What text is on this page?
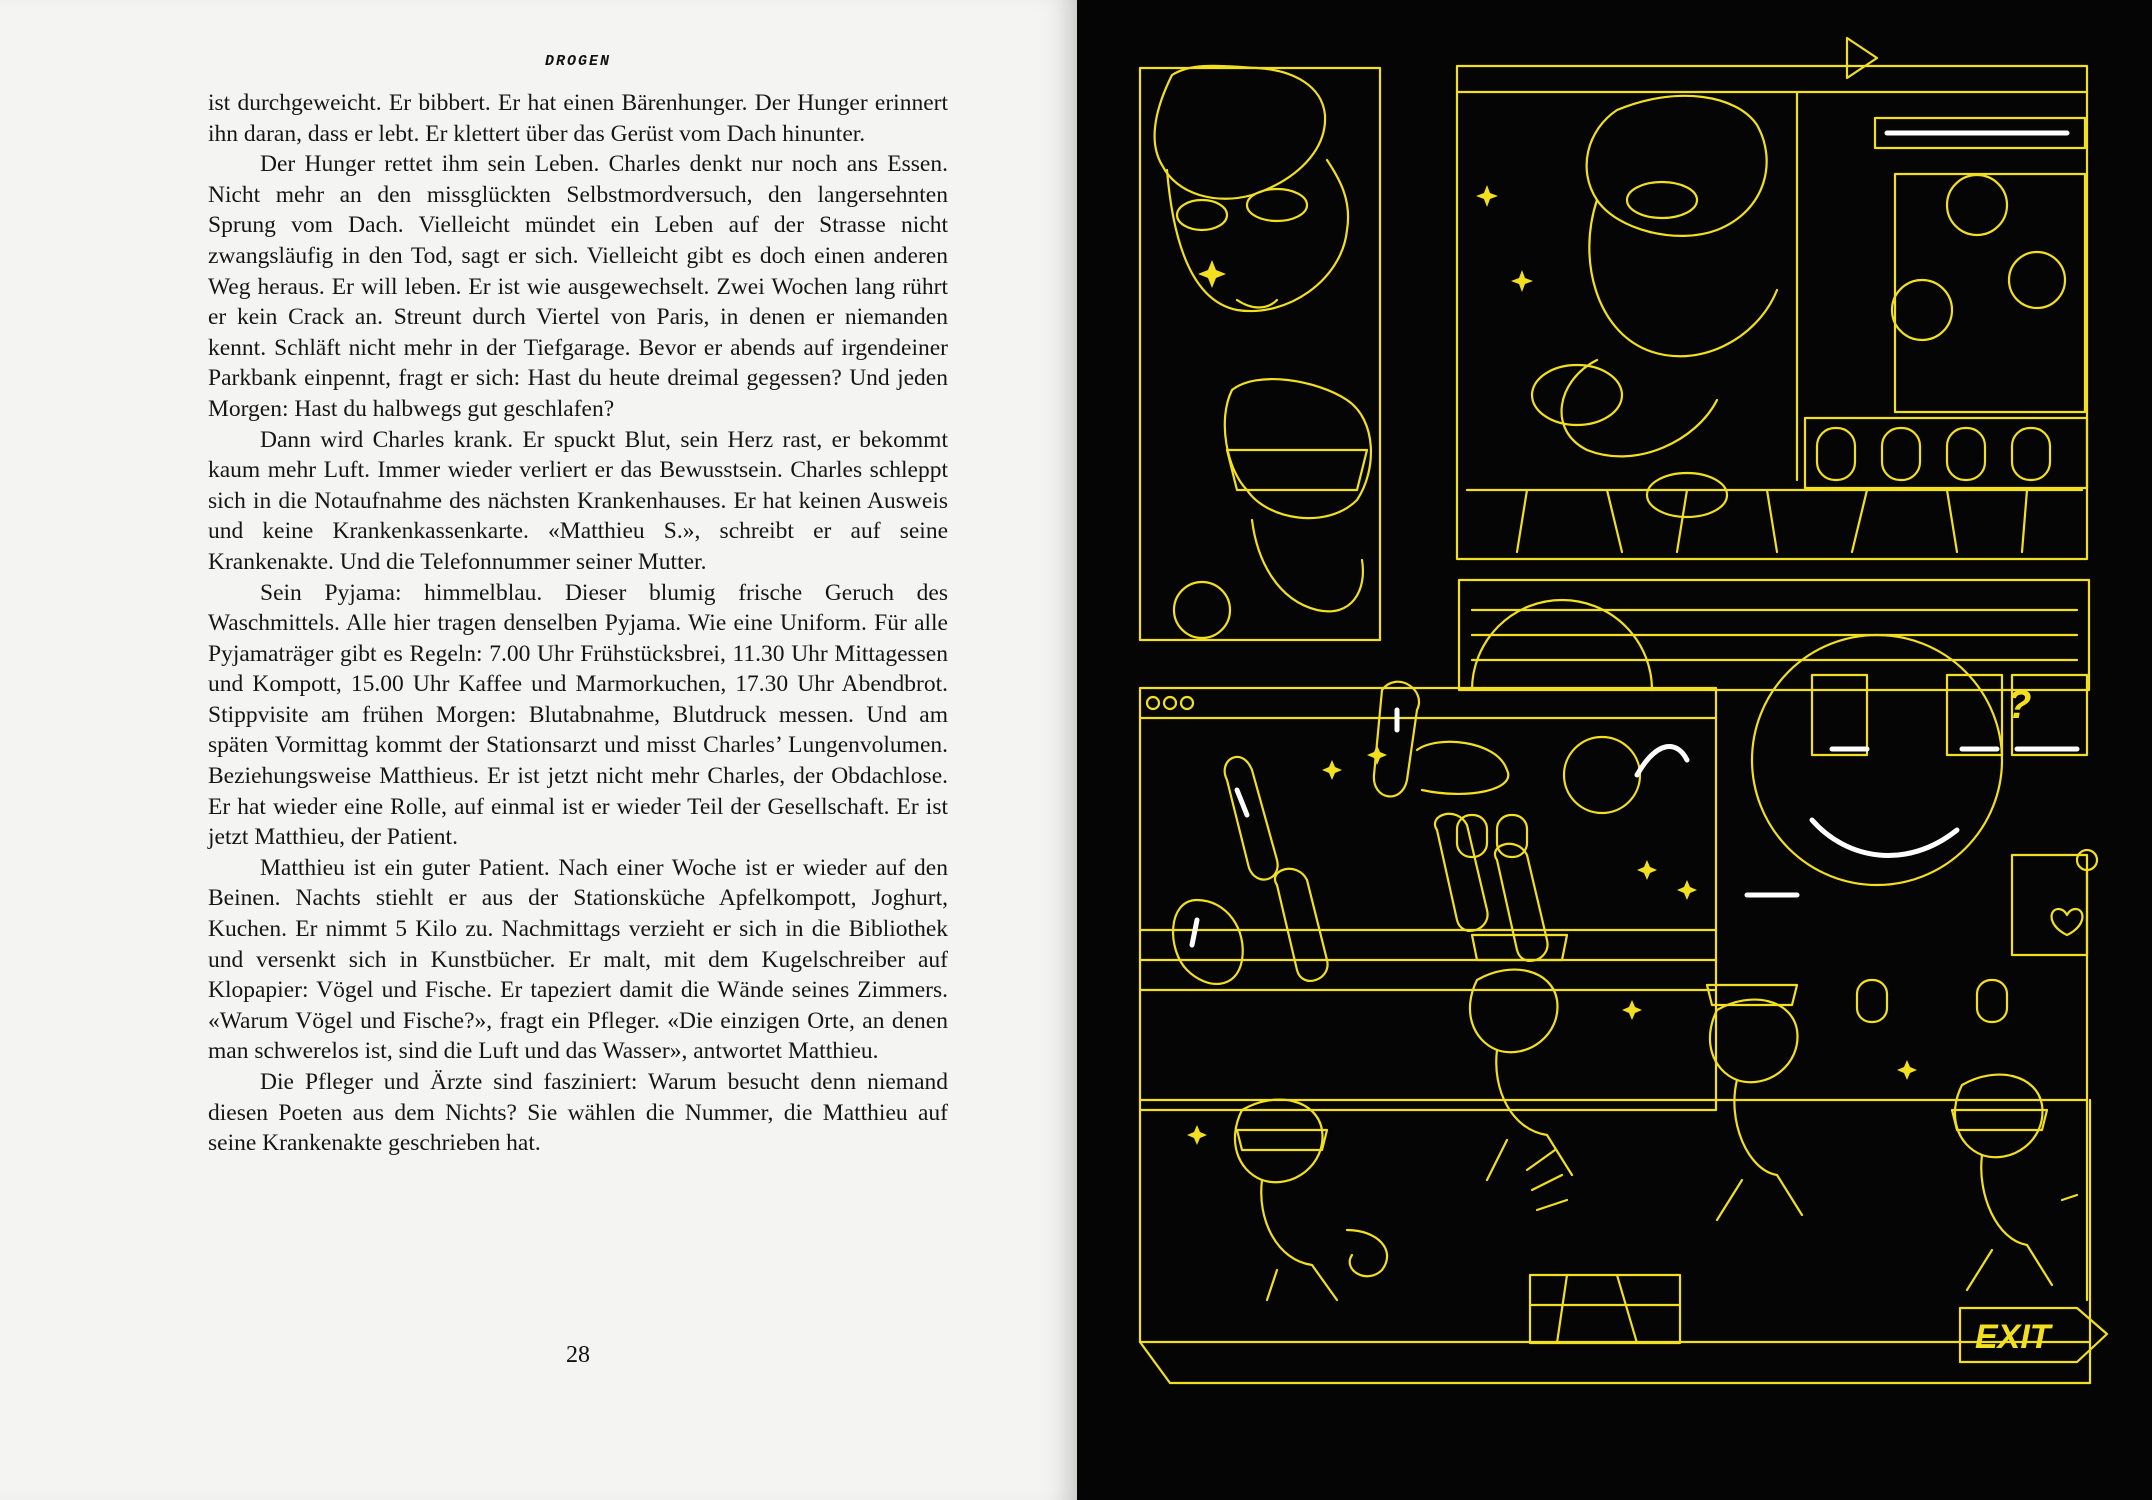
DROGEN

ist durchgeweicht. Er bibbert. Er hat einen Bärenhunger. Der Hunger erinnert ihn daran, dass er lebt. Er klettert über das Gerüst vom Dach hinunter.

Der Hunger rettet ihm sein Leben. Charles denkt nur noch ans Essen. Nicht mehr an den missglückten Selbstmordversuch, den langersehnten Sprung vom Dach. Vielleicht mündet ein Leben auf der Strasse nicht zwangsläufig in den Tod, sagt er sich. Vielleicht gibt es doch einen anderen Weg heraus. Er will leben. Er ist wie ausgewechselt. Zwei Wochen lang rührt er kein Crack an. Streunt durch Viertel von Paris, in denen er niemanden kennt. Schläft nicht mehr in der Tiefgarage. Bevor er abends auf irgendeiner Parkbank einpennt, fragt er sich: Hast du heute dreimal gegessen? Und jeden Morgen: Hast du halbwegs gut geschlafen?

Dann wird Charles krank. Er spuckt Blut, sein Herz rast, er bekommt kaum mehr Luft. Immer wieder verliert er das Bewusstsein. Charles schleppt sich in die Notaufnahme des nächsten Krankenhauses. Er hat keinen Ausweis und keine Krankenkassenkarte. «Matthieu S.», schreibt er auf seine Krankenakte. Und die Telefonnummer seiner Mutter.

Sein Pyjama: himmelblau. Dieser blumig frische Geruch des Waschmittels. Alle hier tragen denselben Pyjama. Wie eine Uniform. Für alle Pyjamaträger gibt es Regeln: 7.00 Uhr Frühstücksbrei, 11.30 Uhr Mittagessen und Kompott, 15.00 Uhr Kaffee und Marmorkuchen, 17.30 Uhr Abendbrot. Stippvisite am frühen Morgen: Blutabnahme, Blutdruck messen. Und am späten Vormittag kommt der Stationsarzt und misst Charles’ Lungenvolumen. Beziehungsweise Matthieus. Er ist jetzt nicht mehr Charles, der Obdachlose. Er hat wieder eine Rolle, auf einmal ist er wieder Teil der Gesellschaft. Er ist jetzt Matthieu, der Patient.

Matthieu ist ein guter Patient. Nach einer Woche ist er wieder auf den Beinen. Nachts stiehlt er aus der Stationsküche Apfelkompott, Joghurt, Kuchen. Er nimmt 5 Kilo zu. Nachmittags verzieht er sich in die Bibliothek und versenkt sich in Kunstbücher. Er malt, mit dem Kugelschreiber auf Klopapier: Vögel und Fische. Er tapeziert damit die Wände seines Zimmers. «Warum Vögel und Fische?», fragt ein Pfleger. «Die einzigen Orte, an denen man schwerelos ist, sind die Luft und das Wasser», antwortet Matthieu.

Die Pfleger und Ärzte sind fasziniert: Warum besucht denn niemand diesen Poeten aus dem Nichts? Sie wählen die Nummer, die Matthieu auf seine Krankenakte geschrieben hat.

28
?
EXIT
